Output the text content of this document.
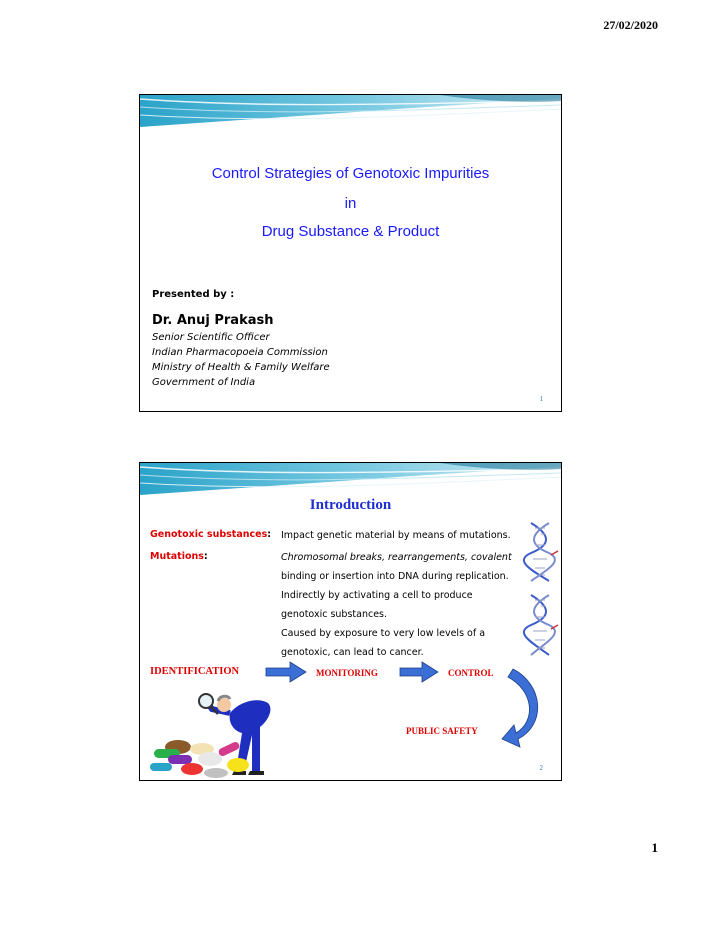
27/02/2020
Control Strategies of Genotoxic Impurities
in
Drug Substance & Product
Presented by :
Dr. Anuj Prakash
Senior Scientific Officer
Indian Pharmacopoeia Commission
Ministry of Health & Family Welfare
Government of India
1
Introduction
Genotoxic substances: Impact genetic material by means of mutations.
Mutations:	Chromosomal breaks, rearrangements, covalent
binding or insertion into DNA during replication.
Indirectly by activating a cell to produce
genotoxic substances.
Caused by exposure to very low levels of a
genotoxic, can lead to cancer.
IDENTIFICATION	MONITORING	CONTROL
PUBLIC SAFETY
2
1
